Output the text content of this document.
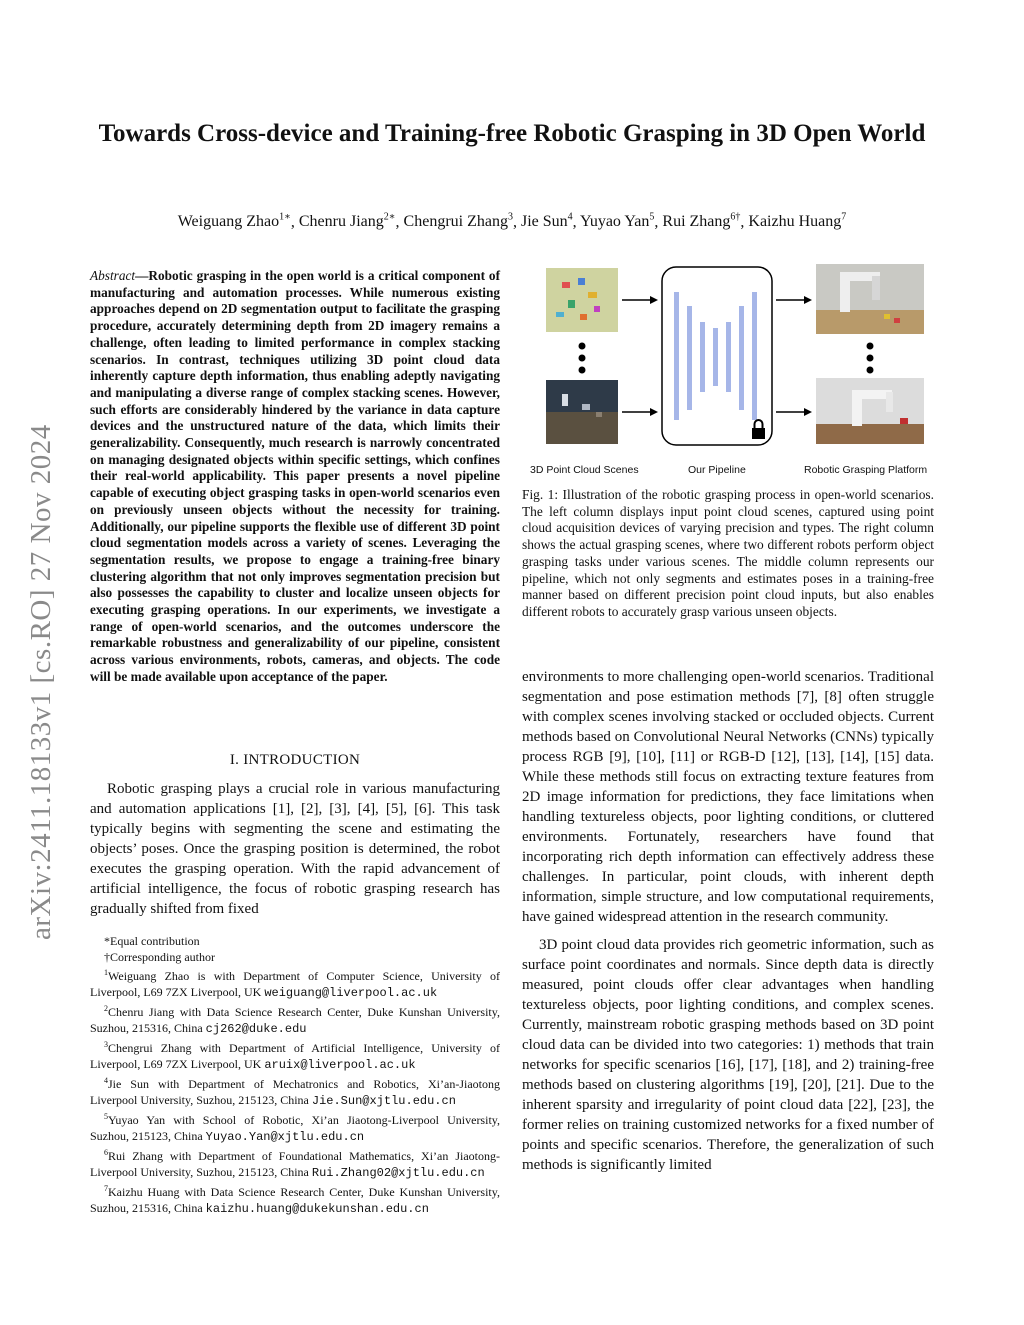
arXiv:2411.18133v1 [cs.RO] 27 Nov 2024
Towards Cross-device and Training-free Robotic Grasping in 3D Open World
Weiguang Zhao$^{1∗}$, Chenru Jiang$^{2∗}$, Chengrui Zhang$^3$, Jie Sun$^4$, Yuyao Yan$^5$, Rui Zhang$^{6\dagger}$, Kaizhu Huang$^7$
Abstract—Robotic grasping in the open world is a critical component of manufacturing and automation processes. While numerous existing approaches depend on 2D segmentation output to facilitate the grasping procedure, accurately determining depth from 2D imagery remains a challenge, often leading to limited performance in complex stacking scenarios. In contrast, techniques utilizing 3D point cloud data inherently capture depth information, thus enabling adeptly navigating and manipulating a diverse range of complex stacking scenes. However, such efforts are considerably hindered by the variance in data capture devices and the unstructured nature of the data, which limits their generalizability. Consequently, much research is narrowly concentrated on managing designated objects within specific settings, which confines their real-world applicability. This paper presents a novel pipeline capable of executing object grasping tasks in open-world scenarios even on previously unseen objects without the necessity for training. Additionally, our pipeline supports the flexible use of different 3D point cloud segmentation models across a variety of scenes. Leveraging the segmentation results, we propose to engage a training-free binary clustering algorithm that not only improves segmentation precision but also possesses the capability to cluster and localize unseen objects for executing grasping operations. In our experiments, we investigate a range of open-world scenarios, and the outcomes underscore the remarkable robustness and generalizability of our pipeline, consistent across various environments, robots, cameras, and objects. The code will be made available upon acceptance of the paper.
I. INTRODUCTION

Robotic grasping plays a crucial role in various manufacturing and automation applications [1], [2], [3], [4], [5], [6]. This task typically begins with segmenting the scene and estimating the objects’ poses. Once the grasping position is determined, the robot executes the grasping operation. With the rapid advancement of artificial intelligence, the focus of robotic grasping research has gradually shifted from fixed

*Equal contribution

†Corresponding author

$^1$Weiguang Zhao is with Department of Computer Science, University of Liverpool, L69 7ZX Liverpool, UK weiguang@liverpool.ac.uk

$^2$Chenru Jiang with Data Science Research Center, Duke Kunshan University, Suzhou, 215316, China cj262@duke.edu

$^3$Chengrui Zhang with Department of Artificial Intelligence, University of Liverpool, L69 7ZX Liverpool, UK aruix@liverpool.ac.uk

$^4$Jie Sun with Department of Mechatronics and Robotics, Xi’an-Jiaotong Liverpool University, Suzhou, 215123, China Jie.Sun@xjtlu.edu.cn

$^5$Yuyao Yan with School of Robotic, Xi’an Jiaotong-Liverpool University, Suzhou, 215123, China Yuyao.Yan@xjtlu.edu.cn

$^6$Rui Zhang with Department of Foundational Mathematics, Xi’an Jiaotong-Liverpool University, Suzhou, 215123, China Rui.Zhang02@xjtlu.edu.cn

$^7$Kaizhu Huang with Data Science Research Center, Duke Kunshan University, Suzhou, 215316, China kaizhu.huang@dukekunshan.edu.cn

3D Point Cloud Scenes	Our Pipeline	Robotic Grasping Platform
Fig. 1: Illustration of the robotic grasping process in open-world scenarios. The left column displays input point cloud scenes, captured using point cloud acquisition devices of varying precision and types. The right column shows the actual grasping scenes, where two different robots perform object grasping tasks under various scenes. The middle column represents our pipeline, which not only segments and estimates poses in a training-free manner based on different precision point cloud inputs, but also enables different robots to accurately grasp various unseen objects.

environments to more challenging open-world scenarios. Traditional segmentation and pose estimation methods [7], [8] often struggle with complex scenes involving stacked or occluded objects. Current methods based on Convolutional Neural Networks (CNNs) typically process RGB [9], [10], [11] or RGB-D [12], [13], [14], [15] data. While these methods still focus on extracting texture features from 2D image information for predictions, they face limitations when handling textureless objects, poor lighting conditions, or cluttered environments. Fortunately, researchers have found that incorporating rich depth information can effectively address these challenges. In particular, point clouds, with inherent depth information, simple structure, and low computational requirements, have gained widespread attention in the research community.

3D point cloud data provides rich geometric information, such as surface point coordinates and normals. Since depth data is directly measured, point clouds offer clear advantages when handling textureless objects, poor lighting conditions, and complex scenes. Currently, mainstream robotic grasping methods based on 3D point cloud data can be divided into two categories: 1) methods that train networks for specific scenarios [16], [17], [18], and 2) training-free methods based on clustering algorithms [19], [20], [21]. Due to the inherent sparsity and irregularity of point cloud data [22], [23], the former relies on training customized networks for a fixed number of points and specific scenarios. Therefore, the generalization of such methods is significantly limited
